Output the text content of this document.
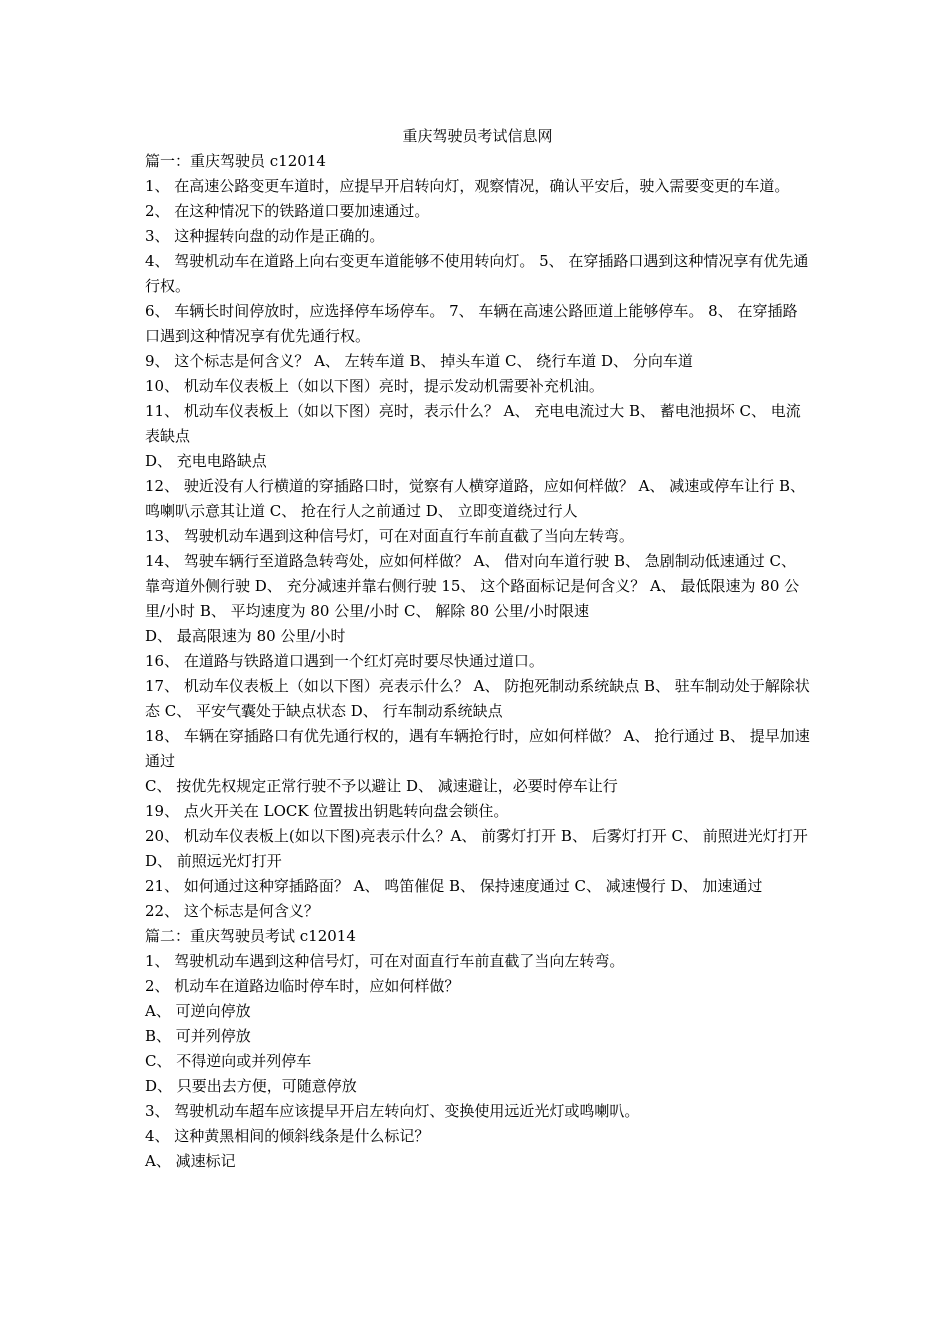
重庆驾驶员考试信息网

篇一：重庆驾驶员 c12014

1、 在高速公路变更车道时，应提早开启转向灯，观察情况，确认平安后，驶入需要变更的车道。

2、 在这种情况下的铁路道口要加速通过。

3、 这种握转向盘的动作是正确的。

4、 驾驶机动车在道路上向右变更车道能够不使用转向灯。 5、 在穿插路口遇到这种情况享有优先通行权。

6、 车辆长时间停放时，应选择停车场停车。 7、 车辆在高速公路匝道上能够停车。 8、 在穿插路口遇到这种情况享有优先通行权。

9、 这个标志是何含义？ A、 左转车道 B、 掉头车道 C、 绕行车道 D、 分向车道

10、 机动车仪表板上（如以下图）亮时，提示发动机需要补充机油。

11、 机动车仪表板上（如以下图）亮时，表示什么？ A、 充电电流过大 B、 蓄电池损坏 C、 电流表缺点

D、 充电电路缺点

12、 驶近没有人行横道的穿插路口时，觉察有人横穿道路，应如何样做？ A、 减速或停车让行 B、 鸣喇叭示意其让道 C、 抢在行人之前通过 D、 立即变道绕过行人

13、 驾驶机动车遇到这种信号灯，可在对面直行车前直截了当向左转弯。

14、 驾驶车辆行至道路急转弯处，应如何样做？ A、 借对向车道行驶 B、 急剧制动低速通过 C、 靠弯道外侧行驶 D、 充分减速并靠右侧行驶 15、 这个路面标记是何含义？ A、 最低限速为 80 公里/小时 B、 平均速度为 80 公里/小时 C、 解除 80 公里/小时限速

D、 最高限速为 80 公里/小时

16、 在道路与铁路道口遇到一个红灯亮时要尽快通过道口。

17、 机动车仪表板上（如以下图）亮表示什么？ A、 防抱死制动系统缺点 B、 驻车制动处于解除状态 C、 平安气囊处于缺点状态 D、 行车制动系统缺点

18、 车辆在穿插路口有优先通行权的，遇有车辆抢行时，应如何样做？ A、 抢行通过 B、 提早加速通过

C、 按优先权规定正常行驶不予以避让 D、 减速避让，必要时停车让行

19、 点火开关在 LOCK 位置拔出钥匙转向盘会锁住。

20、 机动车仪表板上(如以下图)亮表示什么？A、 前雾灯打开 B、 后雾灯打开 C、 前照进光灯打开 D、 前照远光灯打开

21、 如何通过这种穿插路面？ A、 鸣笛催促 B、 保持速度通过 C、 减速慢行 D、 加速通过

22、 这个标志是何含义？

篇二：重庆驾驶员考试 c12014

1、 驾驶机动车遇到这种信号灯，可在对面直行车前直截了当向左转弯。

2、 机动车在道路边临时停车时，应如何样做？

A、 可逆向停放

B、 可并列停放

C、 不得逆向或并列停车

D、 只要出去方便，可随意停放

3、 驾驶机动车超车应该提早开启左转向灯、变换使用远近光灯或鸣喇叭。

4、 这种黄黑相间的倾斜线条是什么标记？

A、 减速标记
